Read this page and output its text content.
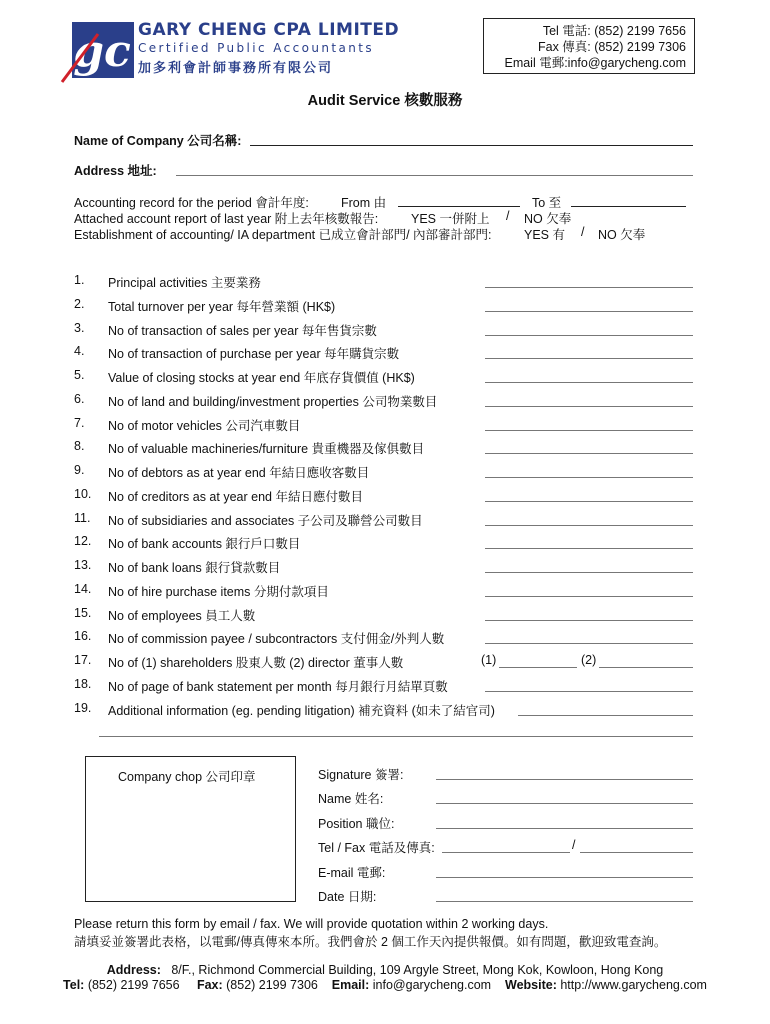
gc GARY CHENG CPA LIMITED
Certified Public Accountants
加多利會計師事務所有限公司
Tel 電話: (852) 2199 7656
Fax 傳真: (852) 2199 7306
Email 電郵:info@garycheng.com
Audit Service 核數服務
Name of Company 公司名稱:
Address 地址:
Accounting record for the period 會計年度:	From 由	To 至
Attached account report of last year 附上去年核數報告:	YES 一併附上 / NO 欠奉
Establishment of accounting/ IA department 已成立會計部門/ 內部審計部門:	YES 有 / NO 欠奉
1.	Principal activities 主要業務
2.	Total turnover per year 每年營業額 (HK$)
3.	No of transaction of sales per year 每年售貨宗數
4.	No of transaction of purchase per year 每年購貨宗數
5.	Value of closing stocks at year end 年底存貨價值 (HK$)
6.	No of land and building/investment properties 公司物業數目
7.	No of motor vehicles 公司汽車數目
8.	No of valuable machineries/furniture 貴重機器及傢俱數目
9.	No of debtors as at year end 年結日應收客數目
10.	No of creditors as at year end 年結日應付數目
11.	No of subsidiaries and associates 子公司及聯營公司數目
12.	No of bank accounts 銀行戶口數目
13.	No of bank loans 銀行貸款數目
14.	No of hire purchase items 分期付款項目
15.	No of employees 員工人數
16.	No of commission payee / subcontractors 支付佣金/外判人數
17.	No of (1) shareholders 股東人數 (2) director 董事人數	(1)	(2)
18.	No of page of bank statement per month 每月銀行月結單頁數
19.	Additional information (eg. pending litigation) 補充資料 (如未了結官司)
Company chop 公司印章	Signature 簽署:
Name 姓名:
Position 職位:
Tel / Fax 電話及傳真:	/
E-mail 電郵:
Date 日期:
Please return this form by email / fax. We will provide quotation within 2 working days.
請填妥並簽署此表格，以電郵/傳真傳來本所。我們會於 2 個工作天內提供報價。如有問題，歡迎致電查詢。
Address: 8/F., Richmond Commercial Building, 109 Argyle Street, Mong Kok, Kowloon, Hong Kong
Tel: (852) 2199 7656 Fax: (852) 2199 7306 Email: info@garycheng.com Website: http://www.garycheng.com
